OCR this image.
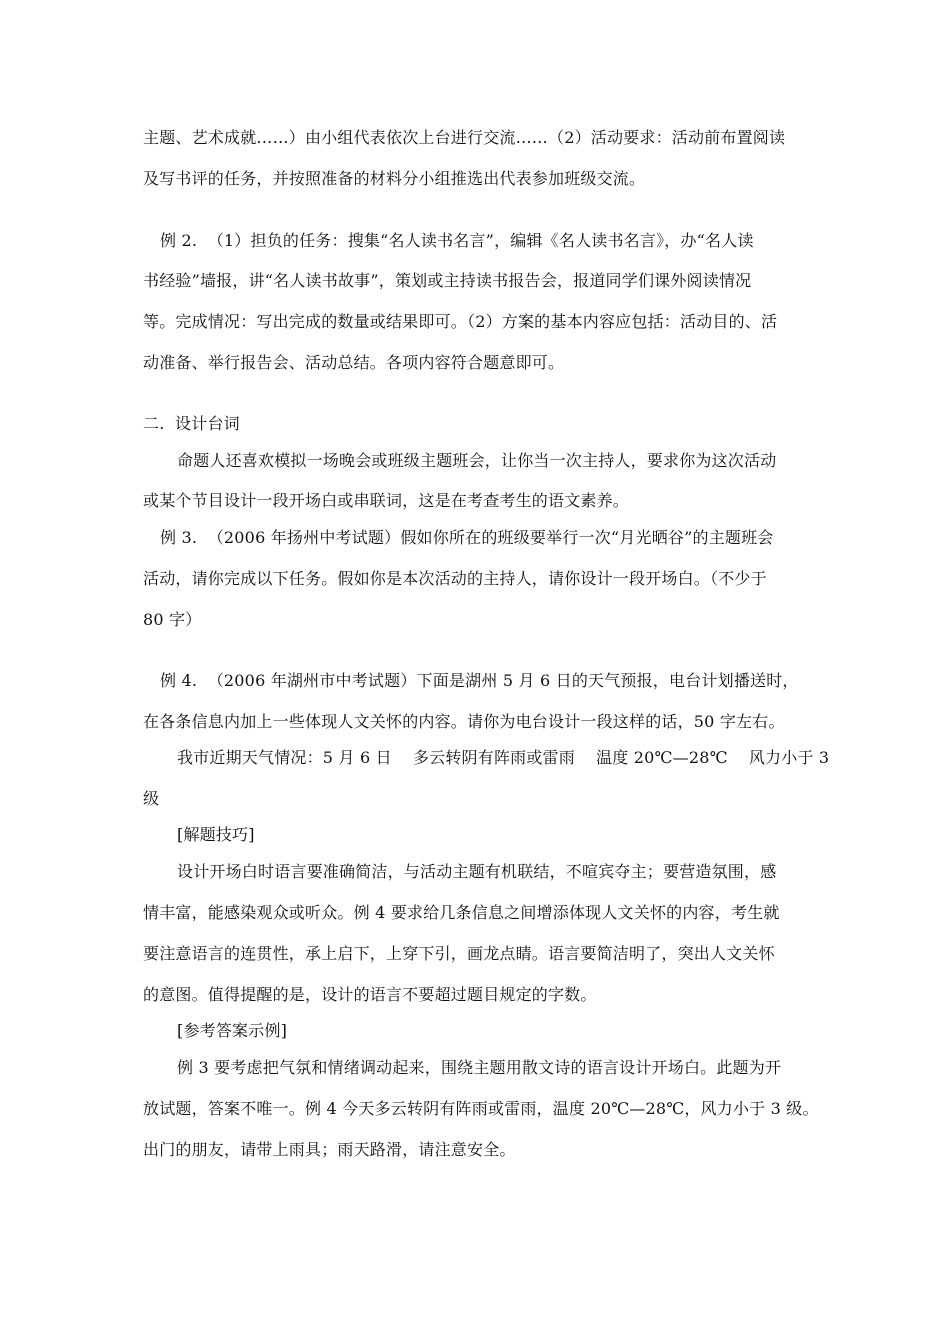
主题、艺术成就……）由小组代表依次上台进行交流……（2）活动要求：活动前布置阅读
及写书评的任务，并按照准备的材料分小组推选出代表参加班级交流。
例 2.  （1）担负的任务：搜集“名人读书名言”，编辑《名人读书名言》，办“名人读
书经验”墙报，讲“名人读书故事”，策划或主持读书报告会，报道同学们课外阅读情况
等。完成情况：写出完成的数量或结果即可。（2）方案的基本内容应包括：活动目的、活
动准备、举行报告会、活动总结。各项内容符合题意即可。
二.  设计台词
命题人还喜欢模拟一场晚会或班级主题班会，让你当一次主持人，要求你为这次活动
或某个节目设计一段开场白或串联词，这是在考查考生的语文素养。
例 3.  （2006 年扬州中考试题）假如你所在的班级要举行一次“月光晒谷”的主题班会
活动，请你完成以下任务。假如你是本次活动的主持人，请你设计一段开场白。（不少于
80 字）
例 4.  （2006 年湖州市中考试题）下面是湖州 5 月 6 日的天气预报，电台计划播送时，
在各条信息内加上一些体现人文关怀的内容。请你为电台设计一段这样的话，50 字左右。
我市近期天气情况：5 月 6 日    多云转阴有阵雨或雷雨    温度 20℃—28℃    风力小于 3
级
[解题技巧]
设计开场白时语言要准确简洁，与活动主题有机联结，不喧宾夺主；要营造氛围，感
情丰富，能感染观众或听众。例 4 要求给几条信息之间增添体现人文关怀的内容，考生就
要注意语言的连贯性，承上启下，上穿下引，画龙点睛。语言要简洁明了，突出人文关怀
的意图。值得提醒的是，设计的语言不要超过题目规定的字数。
[参考答案示例]
例 3 要考虑把气氛和情绪调动起来，围绕主题用散文诗的语言设计开场白。此题为开
放试题，答案不唯一。例 4 今天多云转阴有阵雨或雷雨，温度 20℃—28℃，风力小于 3 级。
出门的朋友，请带上雨具；雨天路滑，请注意安全。
